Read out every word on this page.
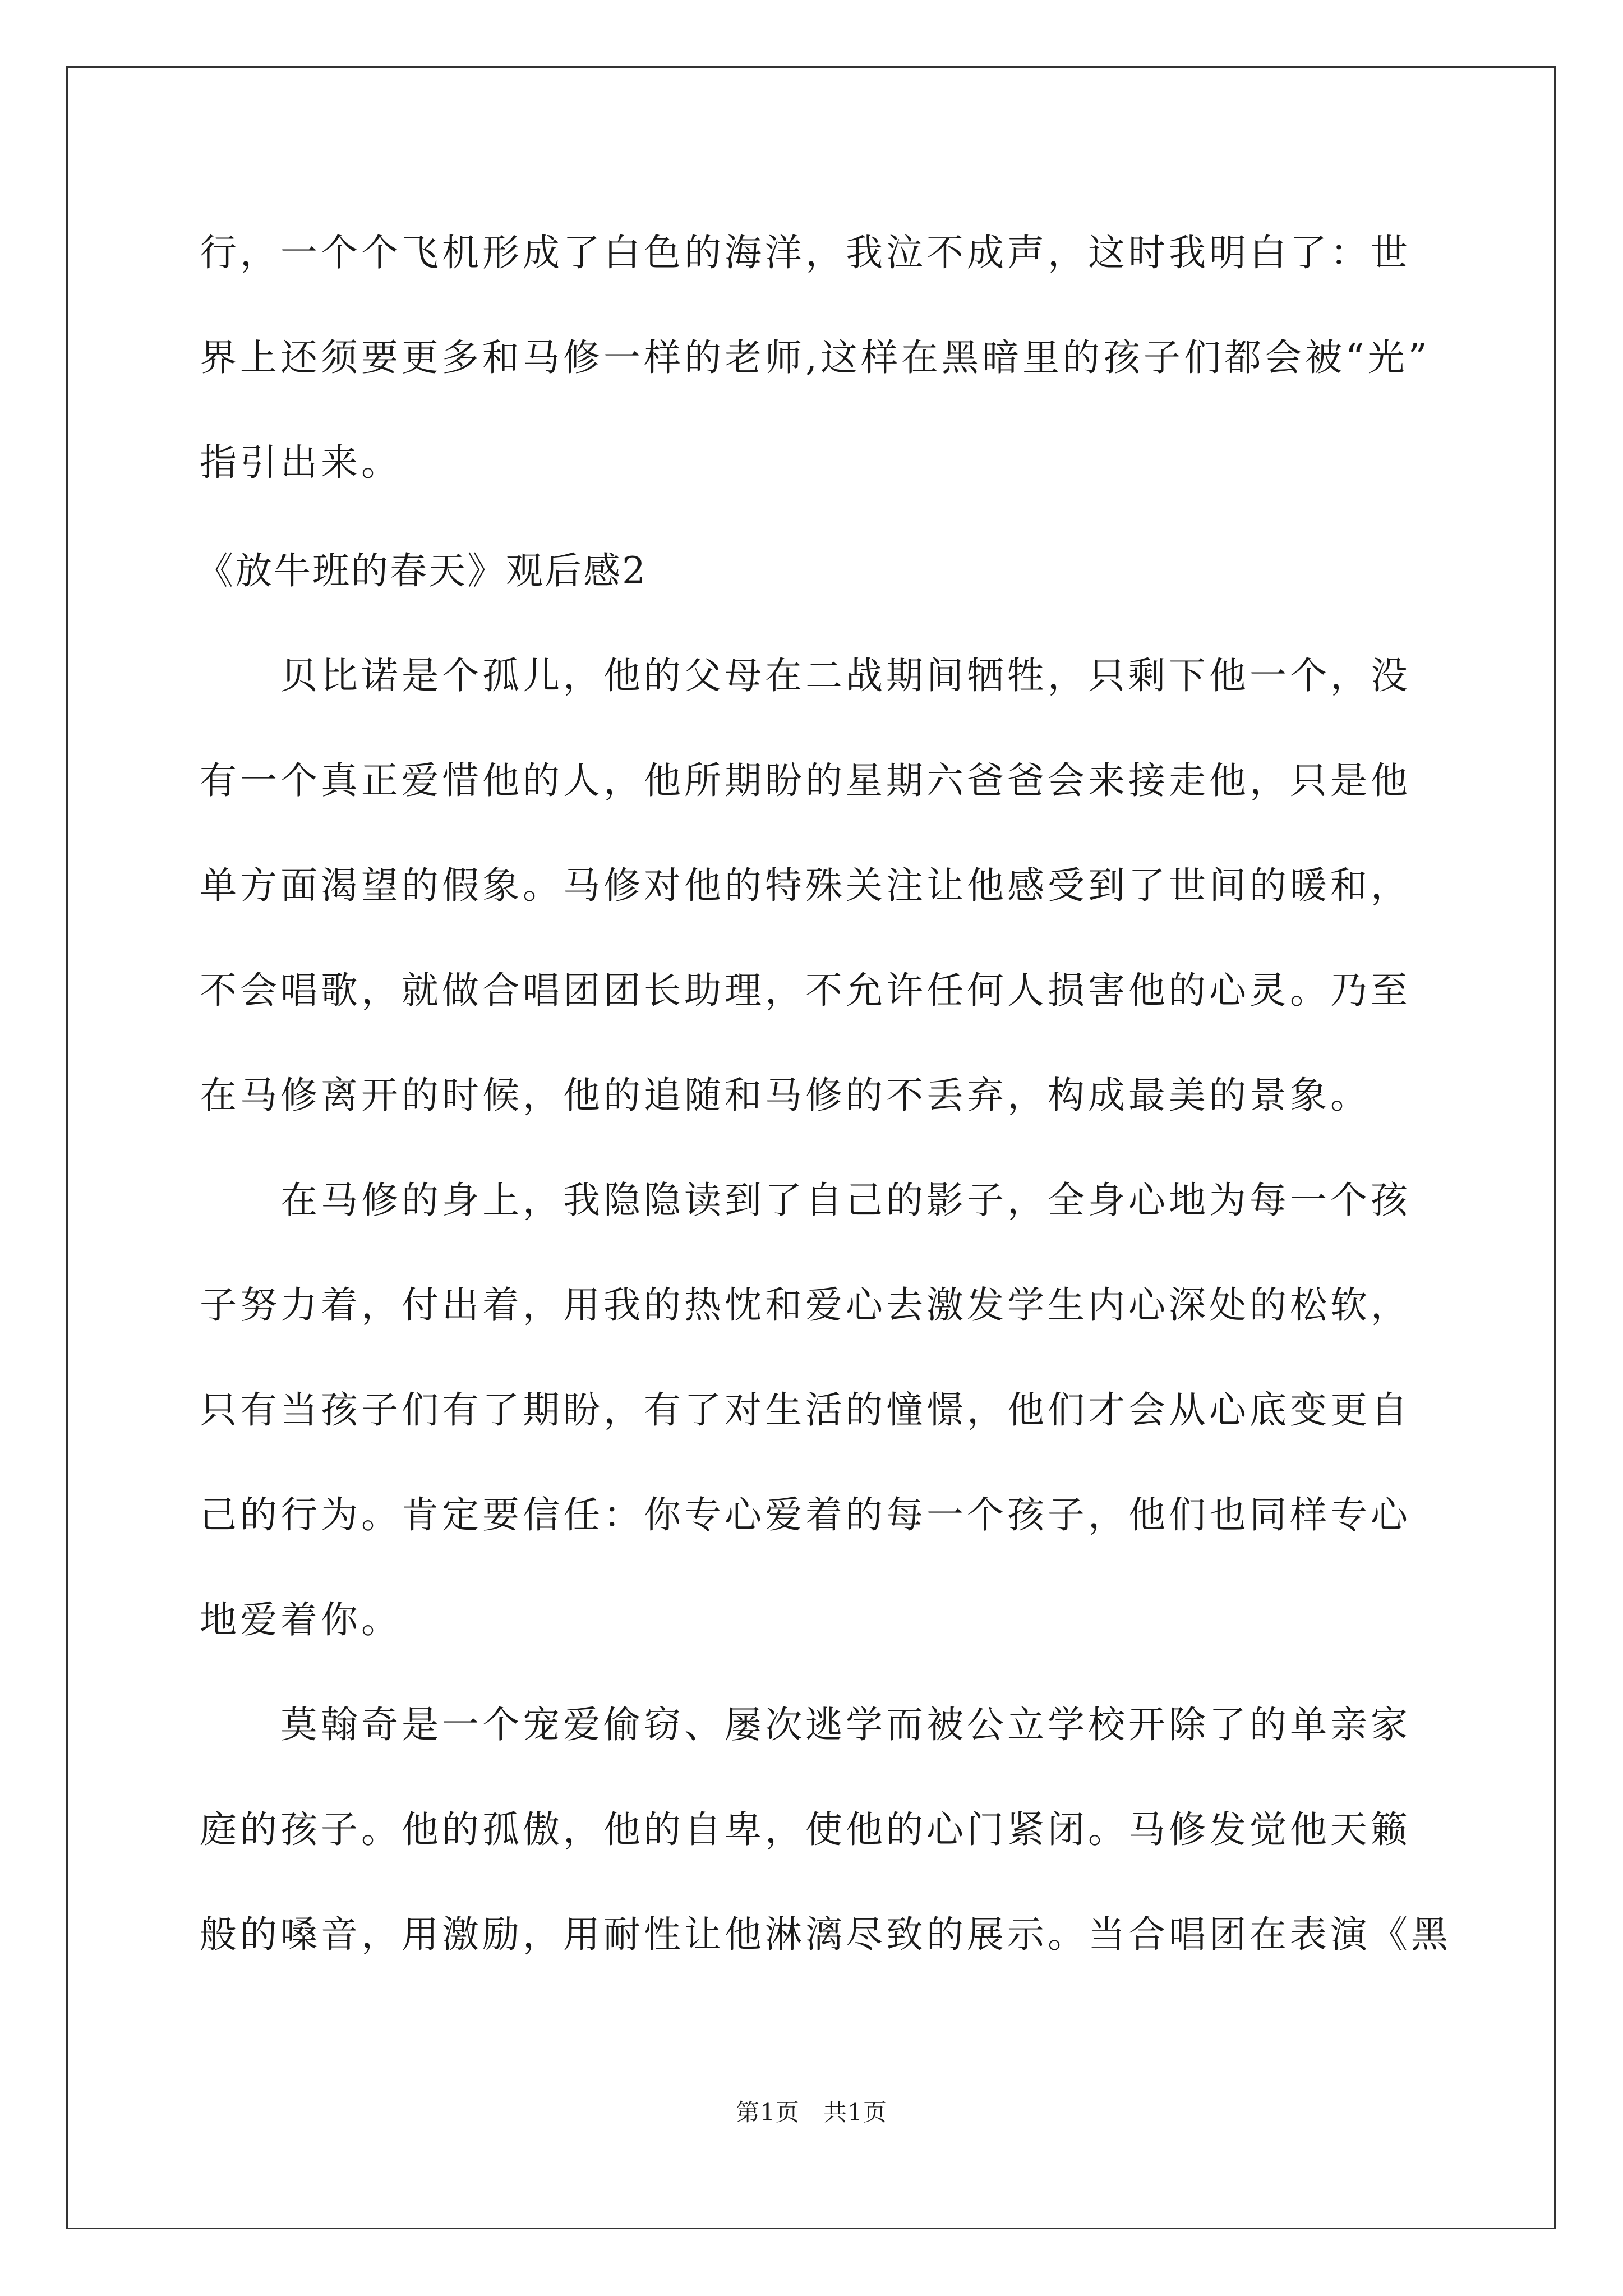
行，一个个飞机形成了白色的海洋，我泣不成声，这时我明白了：世
界上还须要更多和马修一样的老师,这样在黑暗里的孩子们都会被“光”
指引出来。
《放牛班的春天》观后感2
贝比诺是个孤儿，他的父母在二战期间牺牲，只剩下他一个，没
有一个真正爱惜他的人，他所期盼的星期六爸爸会来接走他，只是他
单方面渴望的假象。马修对他的特殊关注让他感受到了世间的暖和，
不会唱歌，就做合唱团团长助理，不允许任何人损害他的心灵。乃至
在马修离开的时候，他的追随和马修的不丢弃，构成最美的景象。
在马修的身上，我隐隐读到了自己的影子，全身心地为每一个孩
子努力着，付出着，用我的热忱和爱心去激发学生内心深处的松软，
只有当孩子们有了期盼，有了对生活的憧憬，他们才会从心底变更自
己的行为。肯定要信任：你专心爱着的每一个孩子，他们也同样专心
地爱着你。
莫翰奇是一个宠爱偷窃、屡次逃学而被公立学校开除了的单亲家
庭的孩子。他的孤傲，他的自卑，使他的心门紧闭。马修发觉他天籁
般的嗓音，用激励，用耐性让他淋漓尽致的展示。当合唱团在表演《黑
第1页 共1页
